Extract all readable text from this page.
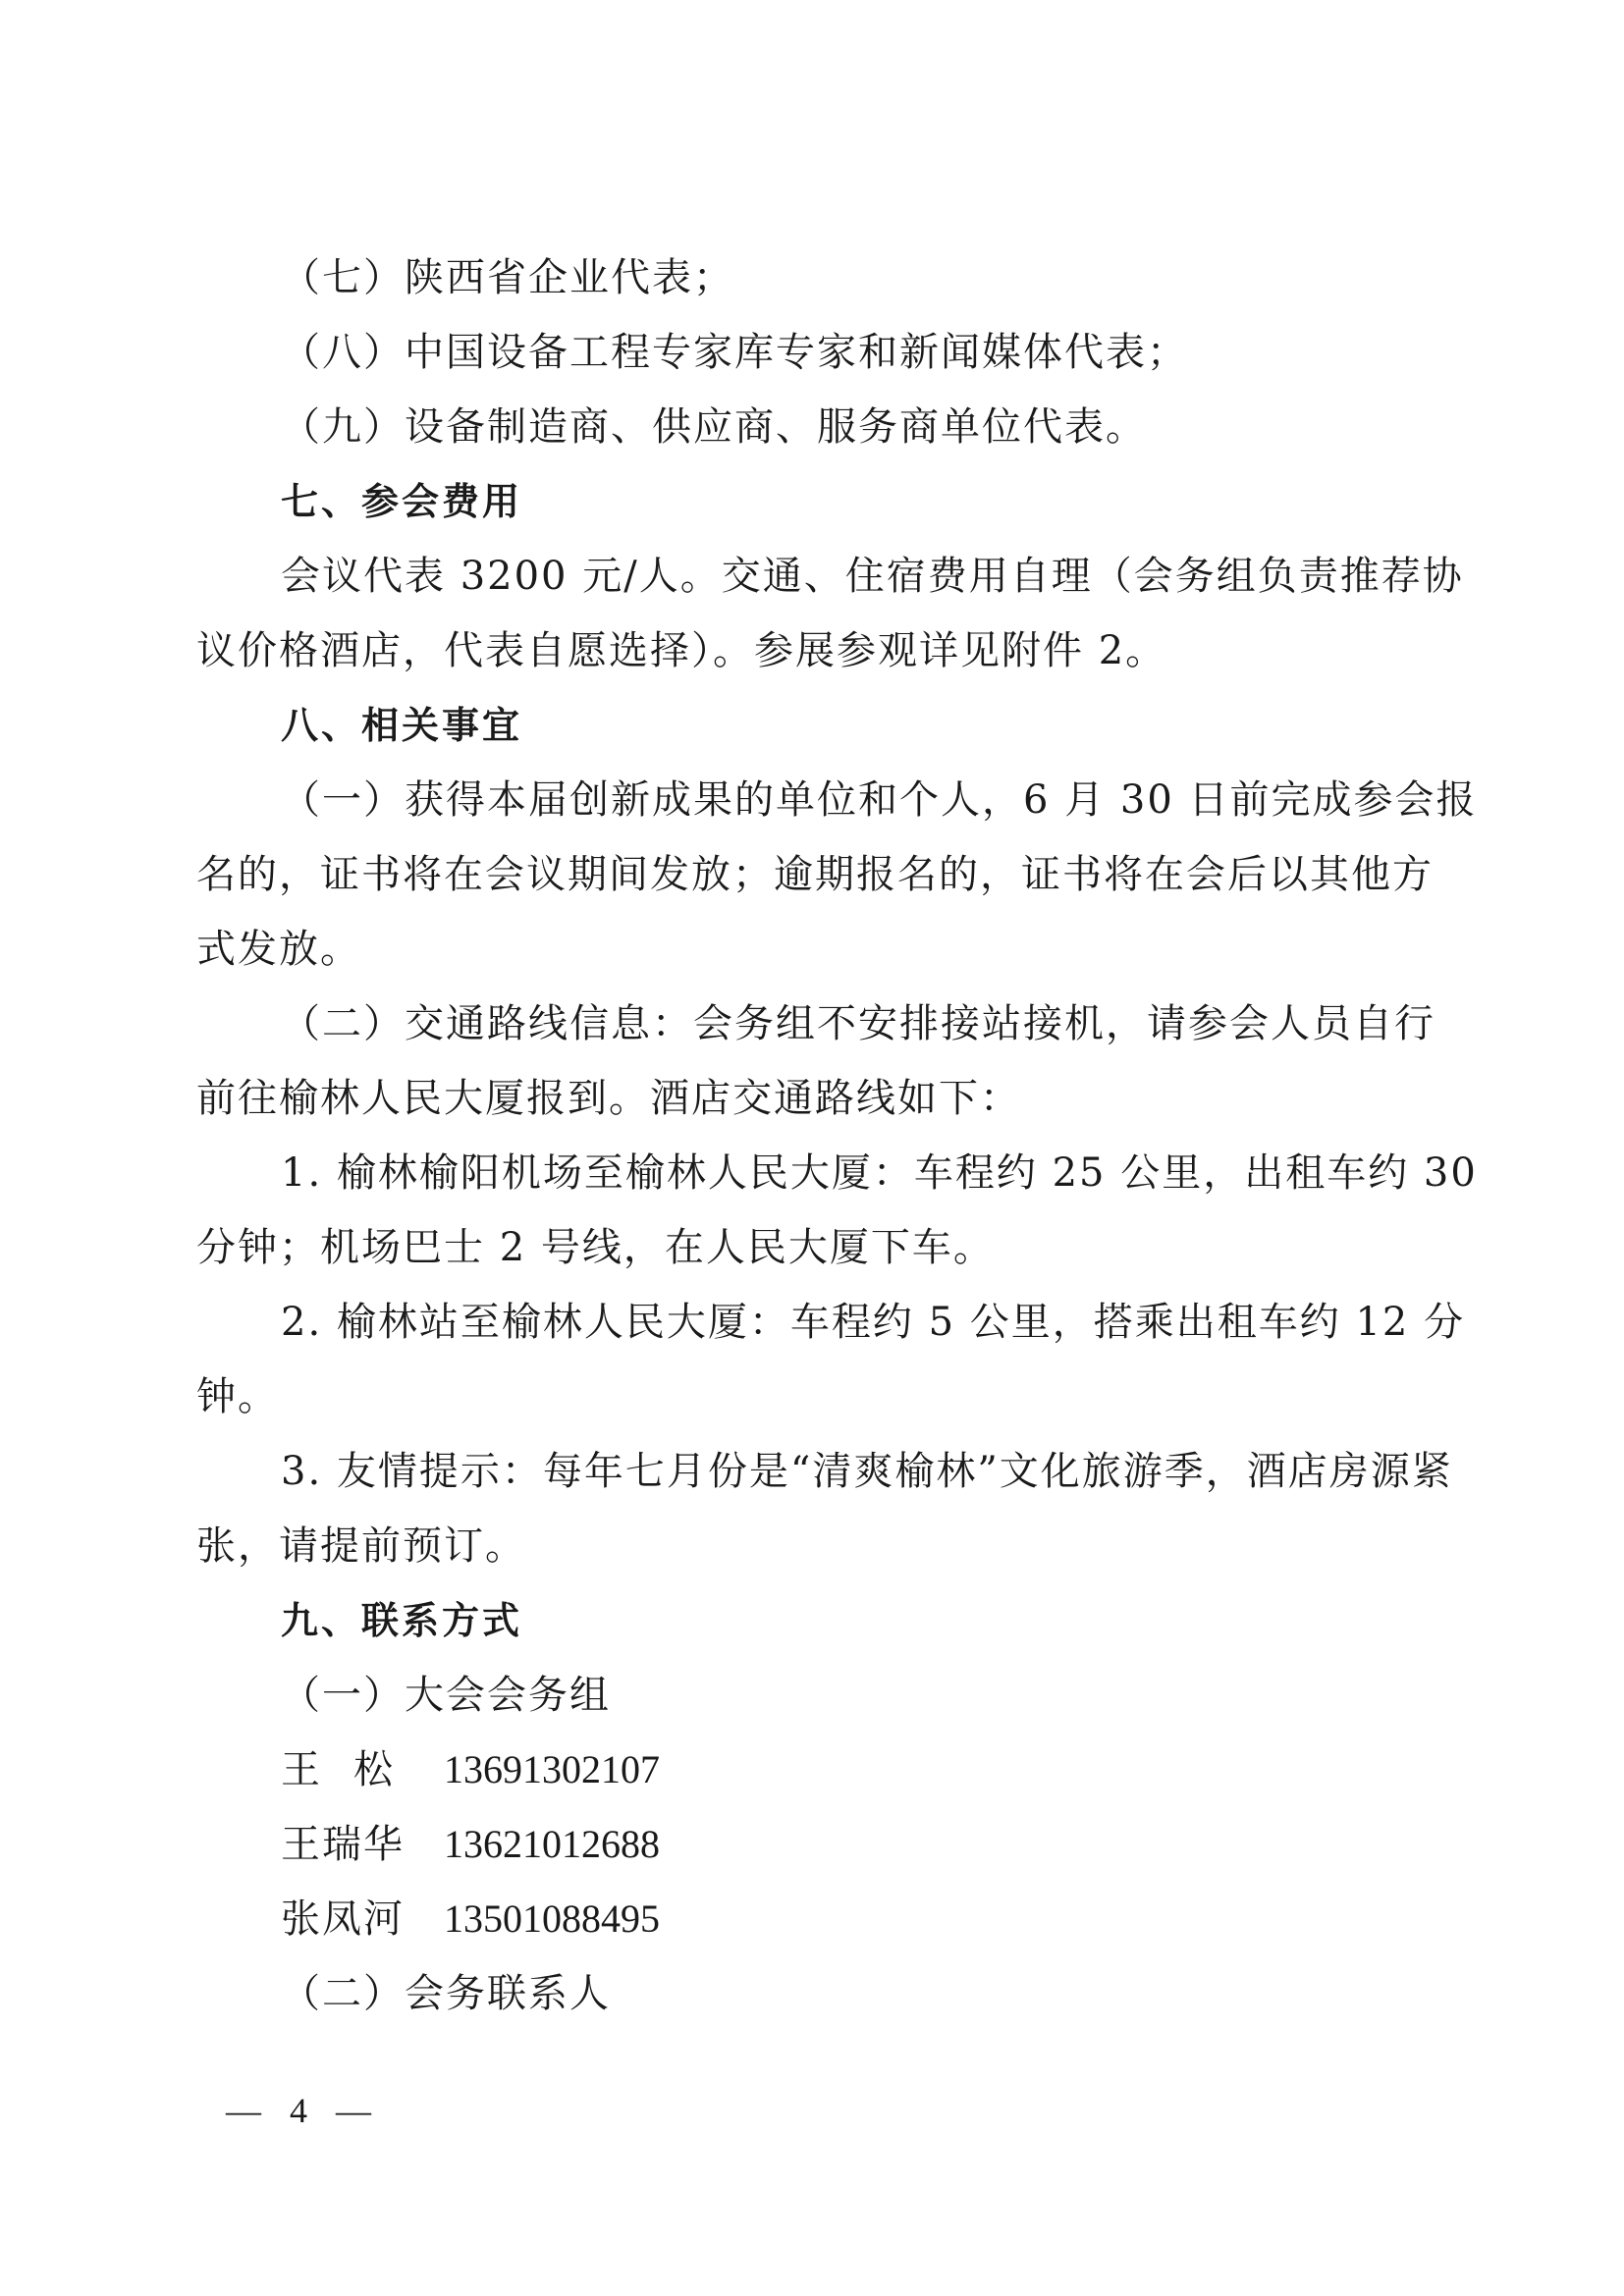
（七）陕西省企业代表；
（八）中国设备工程专家库专家和新闻媒体代表；
（九）设备制造商、供应商、服务商单位代表。
七、参会费用
会议代表 3200 元/人。交通、住宿费用自理（会务组负责推荐协
议价格酒店，代表自愿选择）。参展参观详见附件 2。
八、相关事宜
（一）获得本届创新成果的单位和个人，6 月 30 日前完成参会报
名的，证书将在会议期间发放；逾期报名的，证书将在会后以其他方
式发放。
（二）交通路线信息：会务组不安排接站接机，请参会人员自行
前往榆林人民大厦报到。酒店交通路线如下：
1. 榆林榆阳机场至榆林人民大厦：车程约 25 公里，出租车约 30
分钟；机场巴士 2 号线，在人民大厦下车。
2. 榆林站至榆林人民大厦：车程约 5 公里，搭乘出租车约 12 分
钟。
3. 友情提示：每年七月份是“清爽榆林”文化旅游季，酒店房源紧
张，请提前预订。
九、联系方式
（一）大会会务组
王松 13691302107
王瑞华	13621012688
张凤河	13501088495
（二）会务联系人
— 4 —
